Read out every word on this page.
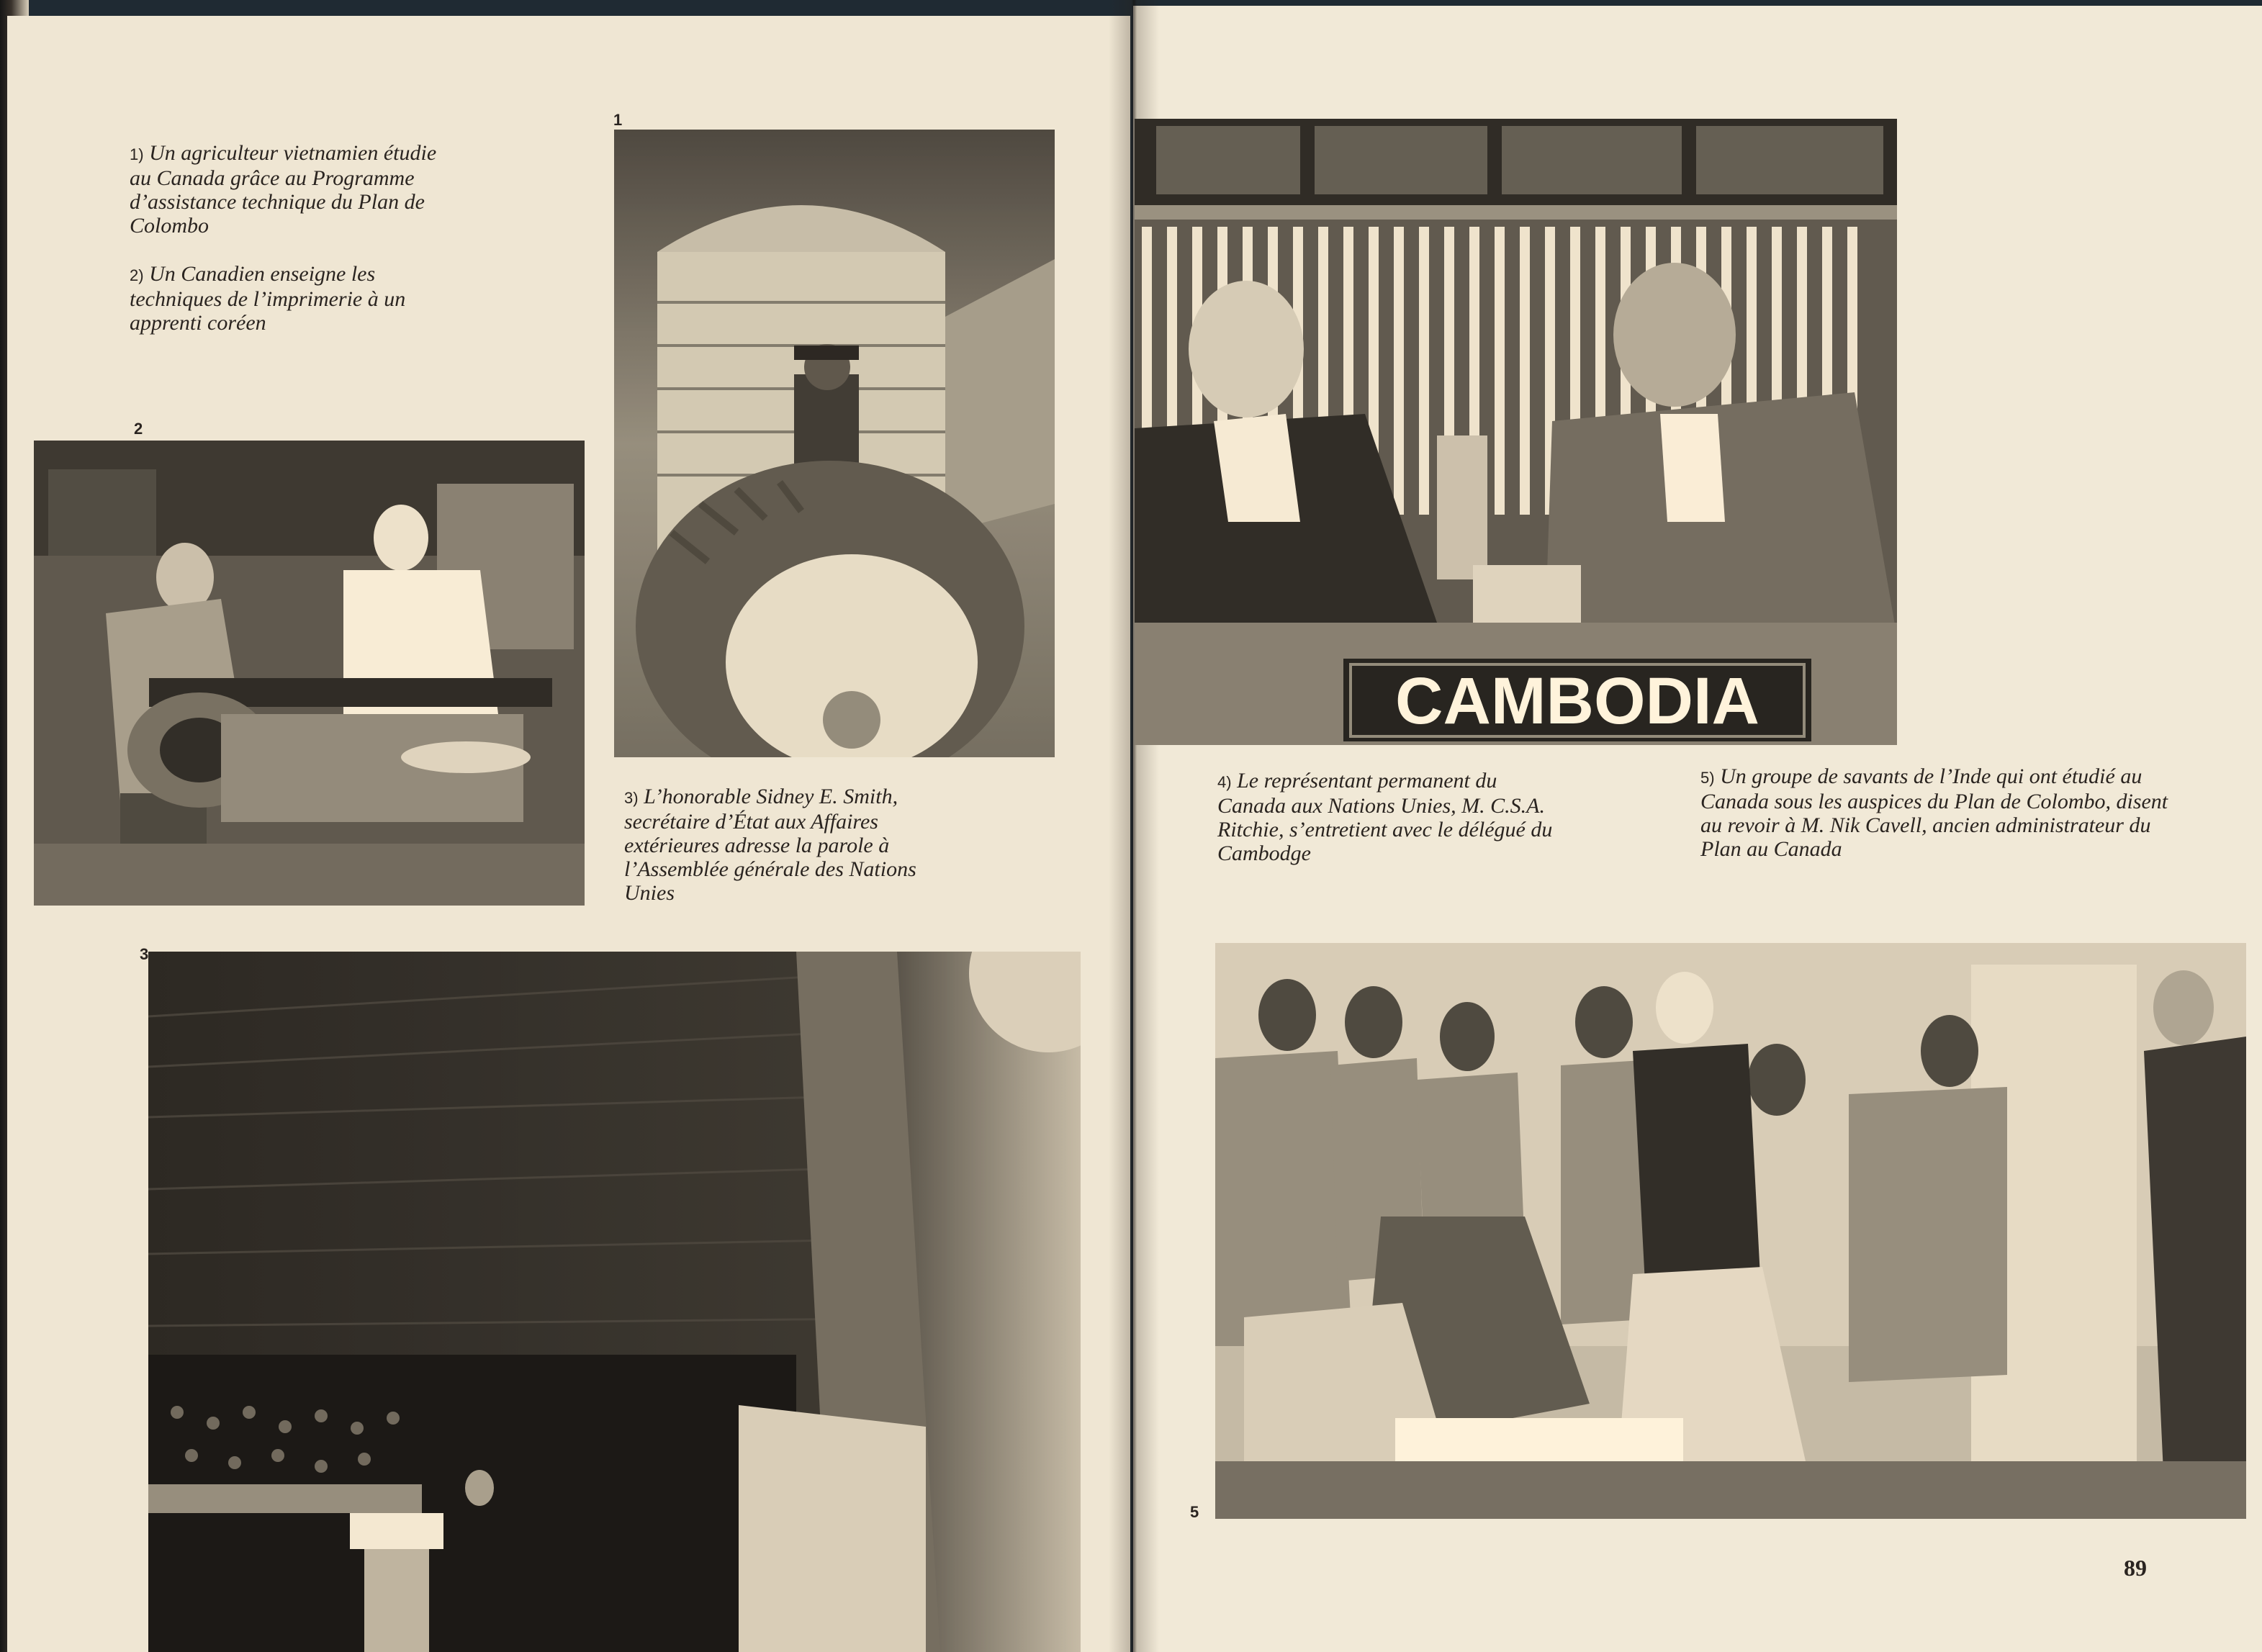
1) Un agriculteur vietnamien étudie au Canada grâce au Programme d’assistance technique du Plan de Colombo
2) Un Canadien enseigne les techniques de l’imprimerie à un apprenti coréen
1
2
3) L’honorable Sidney E. Smith, secrétaire d’État aux Affaires extérieures adresse la parole à l’Assemblée générale des Nations Unies
3
CAMBODIA
4) Le représentant permanent du Canada aux Nations Unies, M. C.S.A. Ritchie, s’entretient avec le délégué du Cambodge
5) Un groupe de savants de l’Inde qui ont étudié au Canada sous les auspices du Plan de Colombo, disent au revoir à M. Nik Cavell, ancien administrateur du Plan au Canada
5
89
